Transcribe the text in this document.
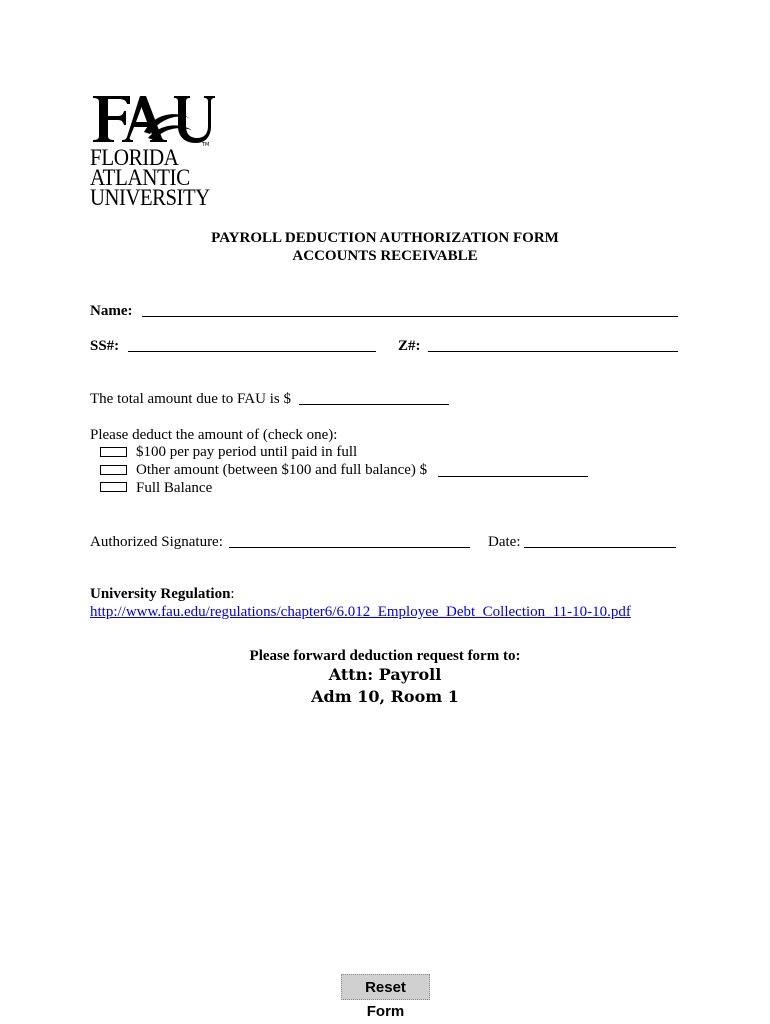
TM
FLORIDA
ATLANTIC
UNIVERSITY
PAYROLL DEDUCTION AUTHORIZATION FORM
ACCOUNTS RECEIVABLE
Name:
SS#:	Z#:
The total amount due to FAU is $
Please deduct the amount of (check one):
$100 per pay period until paid in full
Other amount (between $100 and full balance) $
Full Balance
Authorized Signature:	Date:
University Regulation:
http://www.fau.edu/regulations/chapter6/6.012_Employee_Debt_Collection_11-10-10.pdf
Please forward deduction request form to:
Attn: Payroll
Adm 10, Room 1
Reset Form
